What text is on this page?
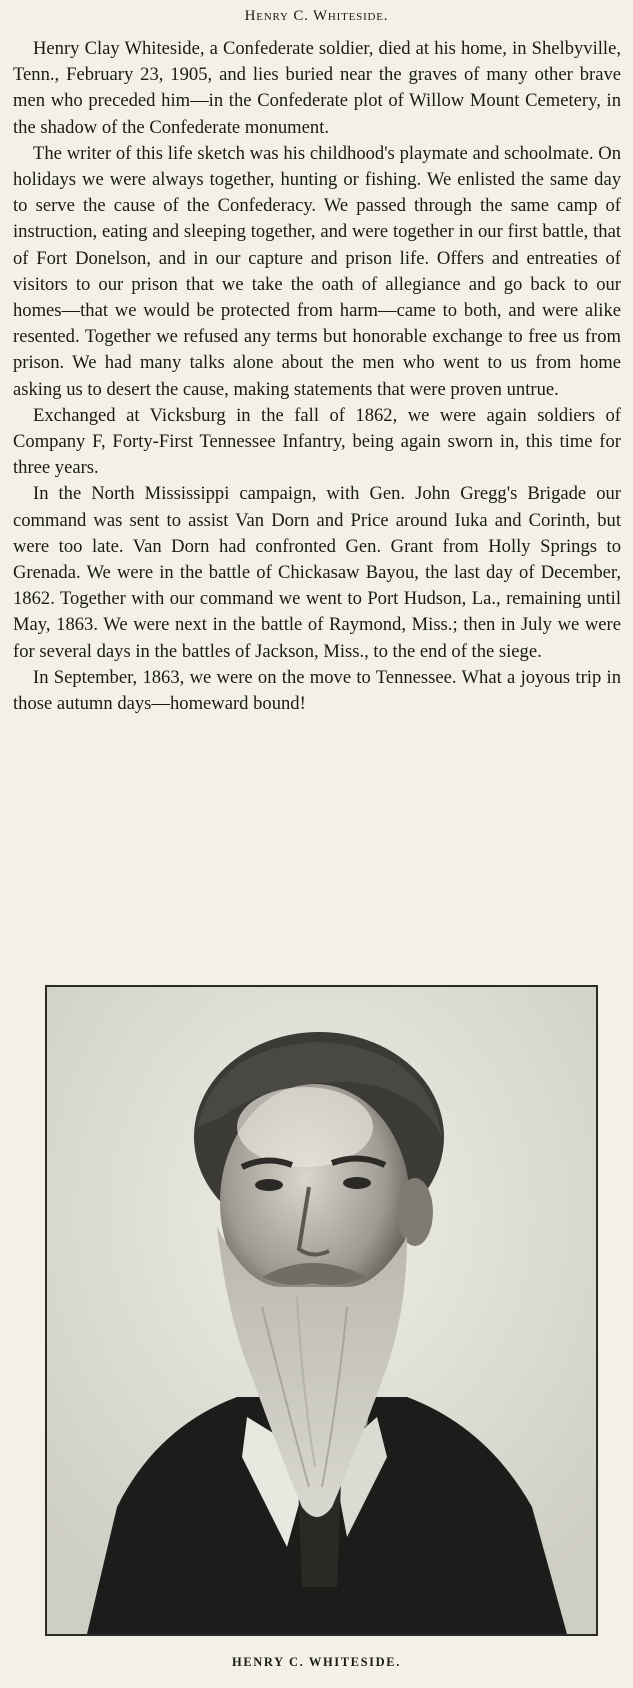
Henry C. Whiteside.

Henry Clay Whiteside, a Confederate soldier, died at his home, in Shelbyville, Tenn., February 23, 1905, and lies buried near the graves of many other brave men who preceded him—in the Confederate plot of Willow Mount Cemetery, in the shadow of the Confederate monument.

The writer of this life sketch was his childhood's playmate and schoolmate. On holidays we were always together, hunting or fishing. We enlisted the same day to serve the cause of the Confederacy. We passed through the same camp of instruction, eating and sleeping together, and were together in our first battle, that of Fort Donelson, and in our capture and prison life. Offers and entreaties of visitors to our prison that we take the oath of allegiance and go back to our homes—that we would be protected from harm—came to both, and were alike resented. Together we refused any terms but honorable exchange to free us from prison. We had many talks alone about the men who went to us from home asking us to desert the cause, making statements that were proven untrue.

Exchanged at Vicksburg in the fall of 1862, we were again soldiers of Company F, Forty-First Tennessee Infantry, being again sworn in, this time for three years.

In the North Mississippi campaign, with Gen. John Gregg's Brigade our command was sent to assist Van Dorn and Price around Iuka and Corinth, but were too late. Van Dorn had confronted Gen. Grant from Holly Springs to Grenada. We were in the battle of Chickasaw Bayou, the last day of December, 1862. Together with our command we went to Port Hudson, La., remaining until May, 1863. We were next in the battle of Raymond, Miss.; then in July we were for several days in the battles of Jackson, Miss., to the end of the siege.

In September, 1863, we were on the move to Tennessee. What a joyous trip in those autumn days—homeward bound!

HENRY C. WHITESIDE.
